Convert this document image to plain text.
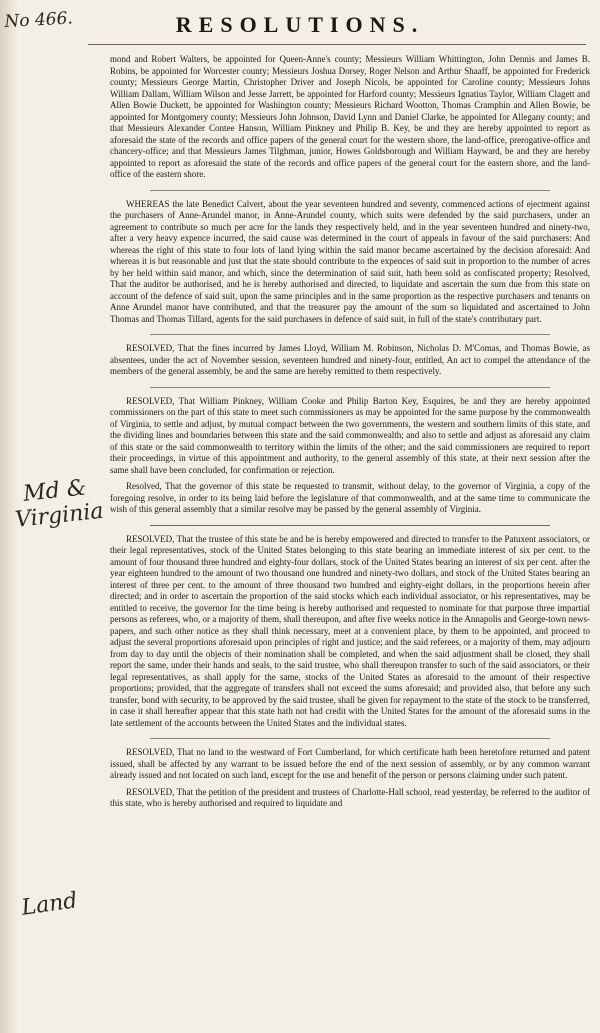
No 466.
Md &
Virginia
Land
RESOLUTIONS.

mond and Robert Walters, be appointed for Queen-Anne's county; Messieurs William Whittington, John Dennis and James B. Robins, be appointed for Worcester county; Messieurs Joshua Dorsey, Roger Nelson and Arthur Shaaff, be appointed for Frederick county; Messieurs George Martin, Christopher Driver and Joseph Nicols, be appointed for Caroline county; Messieurs Johns William Dallam, William Wilson and Jesse Jarrett, be appointed for Harford county; Messieurs Ignatius Taylor, William Clagett and Allen Bowie Duckett, be appointed for Washington county; Messieurs Richard Wootton, Thomas Cramphin and Allen Bowie, be appointed for Montgomery county; Messieurs John Johnson, David Lynn and Daniel Clarke, be appointed for Allegany county; and that Messieurs Alexander Contee Hanson, William Pinkney and Philip B. Key, be and they are hereby appointed to report as aforesaid the state of the records and office papers of the general court for the western shore, the land-office, prerogative-office and chancery-office; and that Messieurs James Tilghman, junior, Howes Goldsborough and William Hayward, be and they are hereby appointed to report as aforesaid the state of the records and office papers of the general court for the eastern shore, and the land-office of the eastern shore.

WHEREAS the late Benedict Calvert, about the year seventeen hundred and seventy, commenced actions of ejectment against the purchasers of Anne-Arundel manor, in Anne-Arundel county, which suits were defended by the said purchasers, under an agreement to contribute so much per acre for the lands they respectively held, and in the year seventeen hundred and ninety-two, after a very heavy expence incurred, the said cause was determined in the court of appeals in favour of the said purchasers: And whereas the right of this state to four lots of land lying within the said manor became ascertained by the decision aforesaid: And whereas it is but reasonable and just that the state should contribute to the expences of said suit in proportion to the number of acres by her held within said manor, and which, since the determination of said suit, hath been sold as confiscated property; Resolved, That the auditor be authorised, and he is hereby authorised and directed, to liquidate and ascertain the sum due from this state on account of the defence of said suit, upon the same principles and in the same proportion as the respective purchasers and tenants on Anne Arundel manor have contributed, and that the treasurer pay the amount of the sum so liquidated and ascertained to John Thomas and Thomas Tillard, agents for the said purchasers in defence of said suit, in full of the state's contributary part.

RESOLVED, That the fines incurred by James Lloyd, William M. Robinson, Nicholas D. M'Comas, and Thomas Bowie, as absentees, under the act of November session, seventeen hundred and ninety-four, entitled, An act to compel the attendance of the members of the general assembly, be and the same are hereby remitted to them respectively.

RESOLVED, That William Pinkney, William Cooke and Philip Barton Key, Esquires, be and they are hereby appointed commissioners on the part of this state to meet such commissioners as may be appointed for the same purpose by the commonwealth of Virginia, to settle and adjust, by mutual compact between the two governments, the western and southern limits of this state, and the dividing lines and boundaries between this state and the said commonwealth; and also to settle and adjust as aforesaid any claim of this state or the said commonwealth to territory within the limits of the other; and the said commissioners are required to report their proceedings, in virtue of this appointment and authority, to the general assembly of this state, at their next session after the same shall have been concluded, for confirmation or rejection.

Resolved, That the governor of this state be requested to transmit, without delay, to the governor of Virginia, a copy of the foregoing resolve, in order to its being laid before the legislature of that commonwealth, and at the same time to communicate the wish of this general assembly that a similar resolve may be passed by the general assembly of Virginia.

RESOLVED, That the trustee of this state be and he is hereby empowered and directed to transfer to the Patuxent associators, or their legal representatives, stock of the United States belonging to this state bearing an immediate interest of six per cent. to the amount of four thousand three hundred and eighty-four dollars, stock of the United States bearing an interest of six per cent. after the year eighteen hundred to the amount of two thousand one hundred and ninety-two dollars, and stock of the United States bearing an interest of three per cent. to the amount of three thousand two hundred and eighty-eight dollars, in the proportions herein after directed; and in order to ascertain the proportion of the said stocks which each individual associator, or his representatives, may be entitled to receive, the governor for the time being is hereby authorised and requested to nominate for that purpose three impartial persons as referees, who, or a majority of them, shall thereupon, and after five weeks notice in the Annapolis and George-town news-papers, and such other notice as they shall think necessary, meet at a convenient place, by them to be appointed, and proceed to adjust the several proportions aforesaid upon principles of right and justice; and the said referees, or a majority of them, may adjourn from day to day until the objects of their nomination shall be completed, and when the said adjustment shall be closed, they shall report the same, under their hands and seals, to the said trustee, who shall thereupon transfer to such of the said associators, or their legal representatives, as shall apply for the same, stocks of the United States as aforesaid to the amount of their respective proportions; provided, that the aggregate of transfers shall not exceed the sums aforesaid; and provided also, that before any such transfer, bond with security, to be approved by the said trustee, shall be given for repayment to the state of the stock to be transferred, in case it shall hereafter appear that this state hath not had credit with the United States for the amount of the aforesaid sums in the late settlement of the accounts between the United States and the individual states.

RESOLVED, That no land to the westward of Fort Cumberland, for which certificate hath been heretofore returned and patent issued, shall be affected by any warrant to be issued before the end of the next session of assembly, or by any common warrant already issued and not located on such land, except for the use and benefit of the person or persons claiming under such patent.

RESOLVED, That the petition of the president and trustees of Charlotte-Hall school, read yesterday, be referred to the auditor of this state, who is hereby authorised and required to liquidate and
